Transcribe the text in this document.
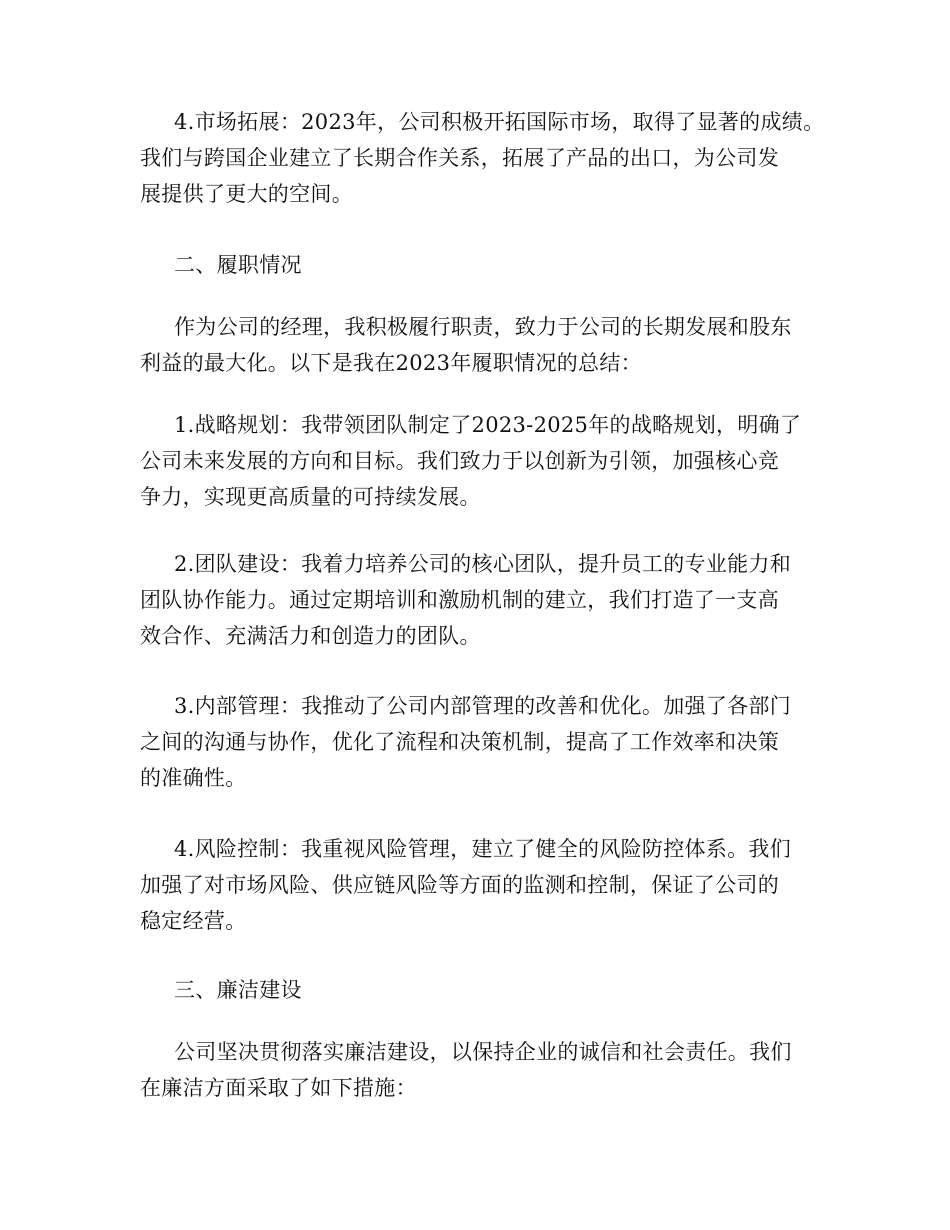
4.市场拓展：2023年，公司积极开拓国际市场，取得了显著的成绩。
我们与跨国企业建立了长期合作关系，拓展了产品的出口，为公司发
展提供了更大的空间。

二、履职情况

作为公司的经理，我积极履行职责，致力于公司的长期发展和股东
利益的最大化。以下是我在2023年履职情况的总结：

1.战略规划：我带领团队制定了2023-2025年的战略规划，明确了
公司未来发展的方向和目标。我们致力于以创新为引领，加强核心竞
争力，实现更高质量的可持续发展。

2.团队建设：我着力培养公司的核心团队，提升员工的专业能力和
团队协作能力。通过定期培训和激励机制的建立，我们打造了一支高
效合作、充满活力和创造力的团队。

3.内部管理：我推动了公司内部管理的改善和优化。加强了各部门
之间的沟通与协作，优化了流程和决策机制，提高了工作效率和决策
的准确性。

4.风险控制：我重视风险管理，建立了健全的风险防控体系。我们
加强了对市场风险、供应链风险等方面的监测和控制，保证了公司的
稳定经营。

三、廉洁建设

公司坚决贯彻落实廉洁建设，以保持企业的诚信和社会责任。我们
在廉洁方面采取了如下措施：
